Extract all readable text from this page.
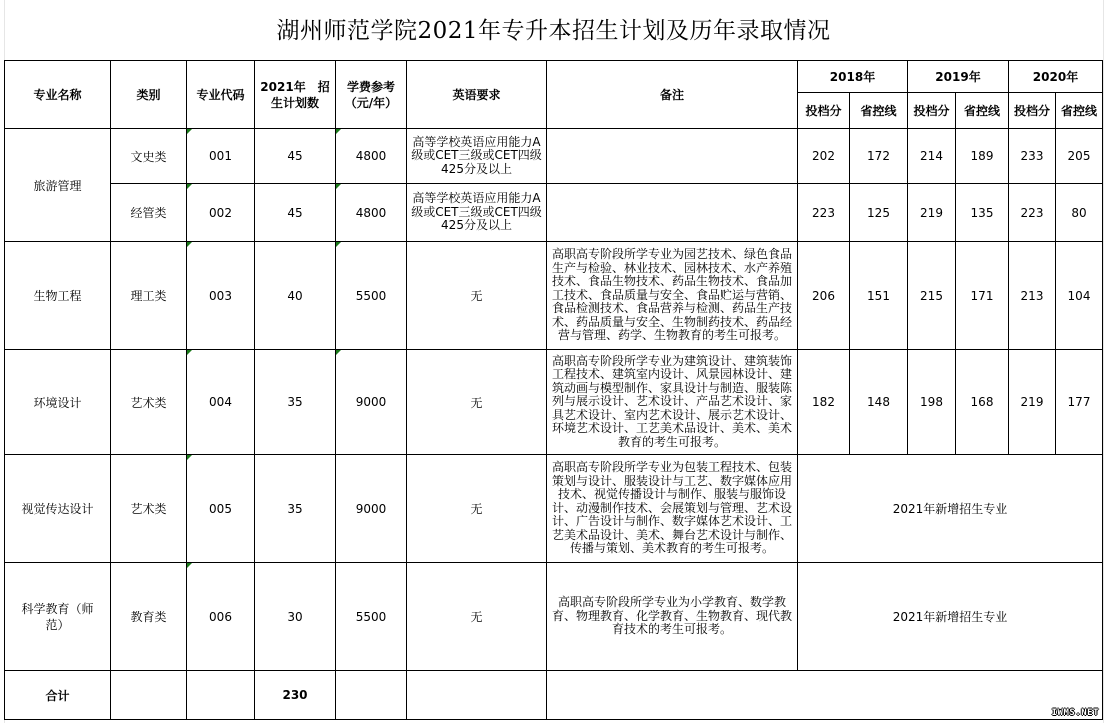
湖州师范学院2021年专升本招生计划及历年录取情况
专业名称	类别	专业代码	2021年　招生计划数	学费参考（元/年）	英语要求	备注	2018年		2019年		2020年	
							投档分	省控线	投档分	省控线	投档分	省控线
旅游管理	文史类	001	45	4800	高等学校英语应用能力A级或CET三级或CET四级425分及以上		202	172	214	189	233	205
	经管类	002	45	4800	高等学校英语应用能力A级或CET三级或CET四级425分及以上		223	125	219	135	223	80
生物工程	理工类	003	40	5500	无	高职高专阶段所学专业为园艺技术、绿色食品生产与检验、林业技术、园林技术、水产养殖技术、食品生物技术、药品生物技术、食品加工技术、食品质量与安全、食品贮运与营销、食品检测技术、食品营养与检测、药品生产技术、药品质量与安全、生物制药技术、药品经营与管理、药学、生物教育的考生可报考。	206	151	215	171	213	104
环境设计	艺术类	004	35	9000	无	高职高专阶段所学专业为建筑设计、建筑装饰工程技术、建筑室内设计、风景园林设计、建筑动画与模型制作、家具设计与制造、服装陈列与展示设计、艺术设计、产品艺术设计、家具艺术设计、室内艺术设计、展示艺术设计、环境艺术设计、工艺美术品设计、美术、美术教育的考生可报考。	182	148	198	168	219	177
视觉传达设计	艺术类	005	35	9000	无	高职高专阶段所学专业为包装工程技术、包装策划与设计、服装设计与工艺、数字媒体应用技术、视觉传播设计与制作、服装与服饰设计、动漫制作技术、会展策划与管理、艺术设计、广告设计与制作、数字媒体艺术设计、工艺美术品设计、美术、舞台艺术设计与制作、传播与策划、美术教育的考生可报考。	2021年新增招生专业					
科学教育（师范）	教育类	006	30	5500	无	高职高专阶段所学专业为小学教育、数学教育、物理教育、化学教育、生物教育、现代教育技术的考生可报考。	2021年新增招生专业					
合计			230									
IWMS.NET
